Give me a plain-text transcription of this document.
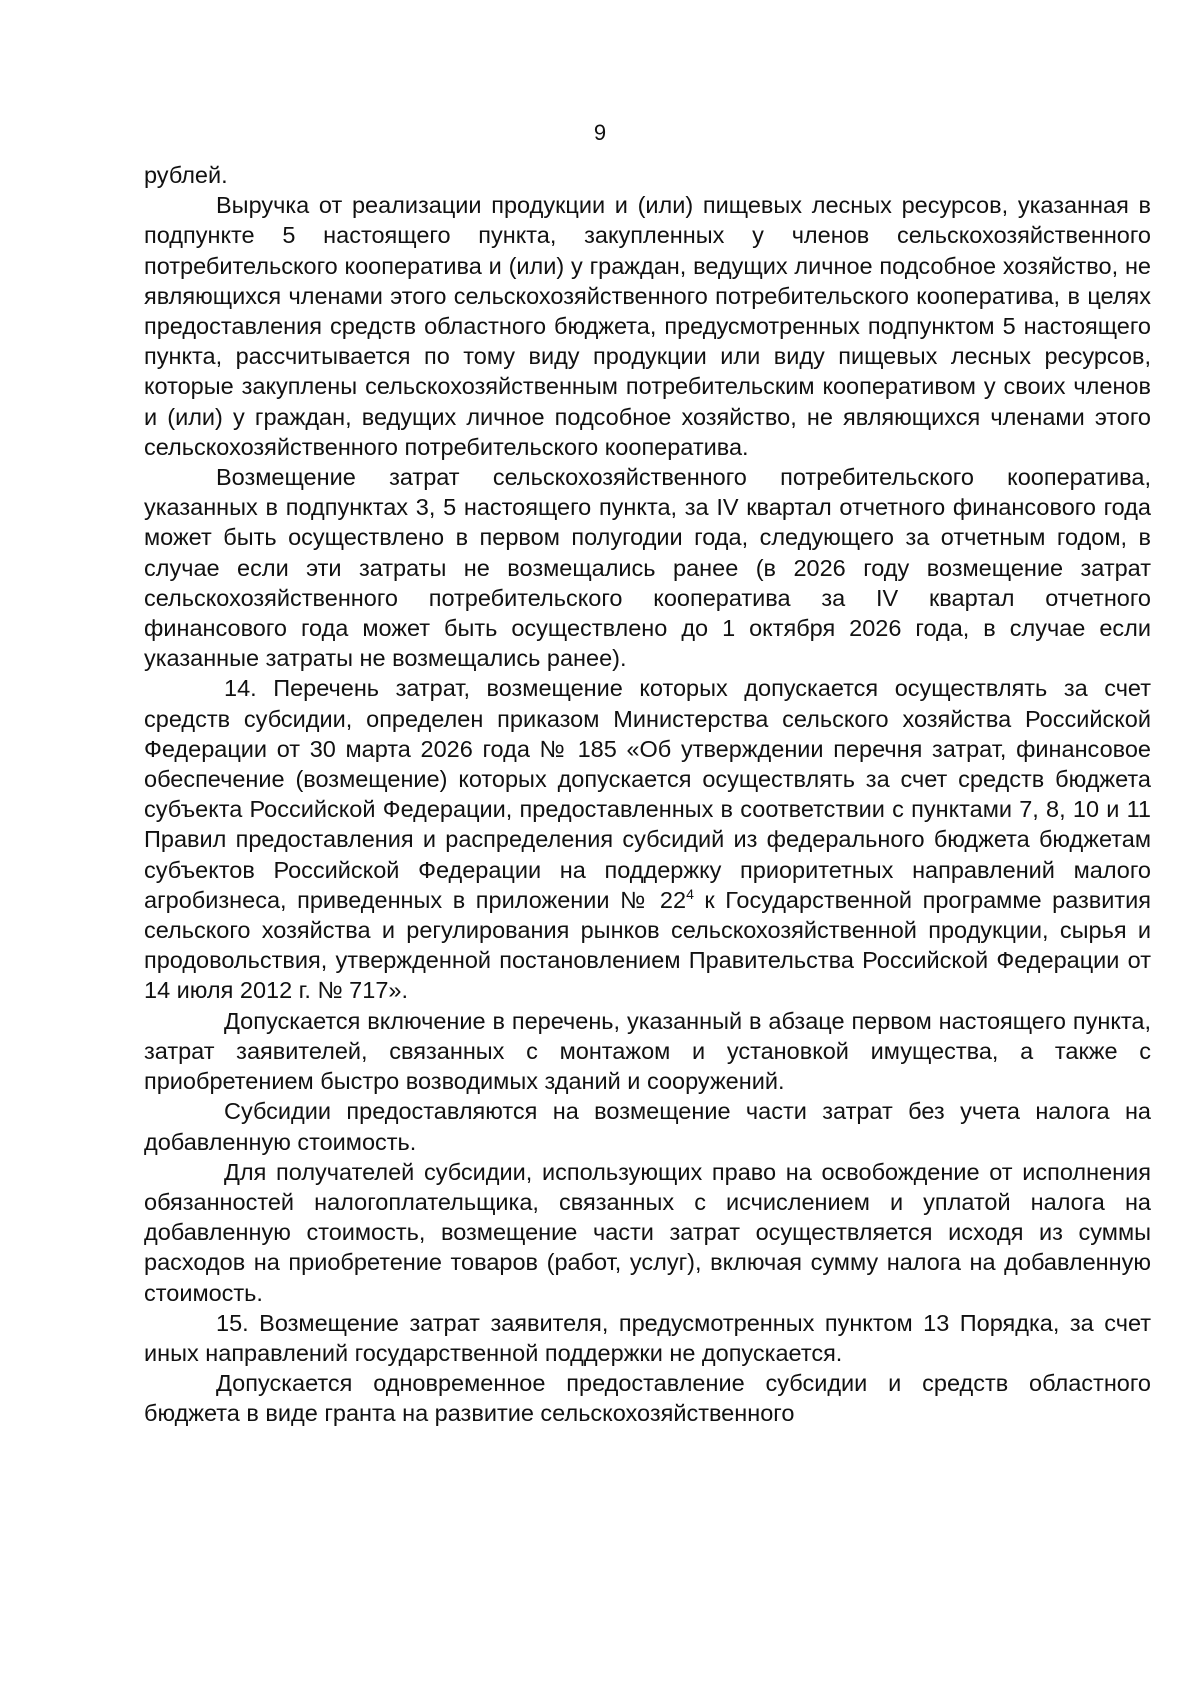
9

рублей.

Выручка от реализации продукции и (или) пищевых лесных ресурсов, указанная в подпункте 5 настоящего пункта, закупленных у членов сельскохозяйственного потребительского кооператива и (или) у граждан, ведущих личное подсобное хозяйство, не являющихся членами этого сельскохозяйственного потребительского кооператива, в целях предоставления средств областного бюджета, предусмотренных подпунктом 5 настоящего пункта, рассчитывается по тому виду продукции или виду пищевых лесных ресурсов, которые закуплены сельскохозяйственным потребительским кооперативом у своих членов и (или) у граждан, ведущих личное подсобное хозяйство, не являющихся членами этого сельскохозяйственного потребительского кооператива.

Возмещение затрат сельскохозяйственного потребительского кооператива, указанных в подпунктах 3, 5 настоящего пункта, за IV квартал отчетного финансового года может быть осуществлено в первом полугодии года, следующего за отчетным годом, в случае если эти затраты не возмещались ранее (в 2026 году возмещение затрат сельскохозяйственного потребительского кооператива за IV квартал отчетного финансового года может быть осуществлено до 1 октября 2026 года, в случае если указанные затраты не возмещались ранее).

14. Перечень затрат, возмещение которых допускается осуществлять за счет средств субсидии, определен приказом Министерства сельского хозяйства Российской Федерации от 30 марта 2026 года № 185 «Об утверждении перечня затрат, финансовое обеспечение (возмещение) которых допускается осуществлять за счет средств бюджета субъекта Российской Федерации, предоставленных в соответствии с пунктами 7, 8, 10 и 11 Правил предоставления и распределения субсидий из федерального бюджета бюджетам субъектов Российской Федерации на поддержку приоритетных направлений малого агробизнеса, приведенных в приложении № $22^4$ к Государственной программе развития сельского хозяйства и регулирования рынков сельскохозяйственной продукции, сырья и продовольствия, утвержденной постановлением Правительства Российской Федерации от 14 июля 2012 г. № 717».

Допускается включение в перечень, указанный в абзаце первом настоящего пункта, затрат заявителей, связанных с монтажом и установкой имущества, а также с приобретением быстро возводимых зданий и сооружений.

Субсидии предоставляются на возмещение части затрат без учета налога на добавленную стоимость.

Для получателей субсидии, использующих право на освобождение от исполнения обязанностей налогоплательщика, связанных с исчислением и уплатой налога на добавленную стоимость, возмещение части затрат осуществляется исходя из суммы расходов на приобретение товаров (работ, услуг), включая сумму налога на добавленную стоимость.

15. Возмещение затрат заявителя, предусмотренных пунктом 13 Порядка, за счет иных направлений государственной поддержки не допускается.

Допускается одновременное предоставление субсидии и средств областного бюджета в виде гранта на развитие сельскохозяйственного
